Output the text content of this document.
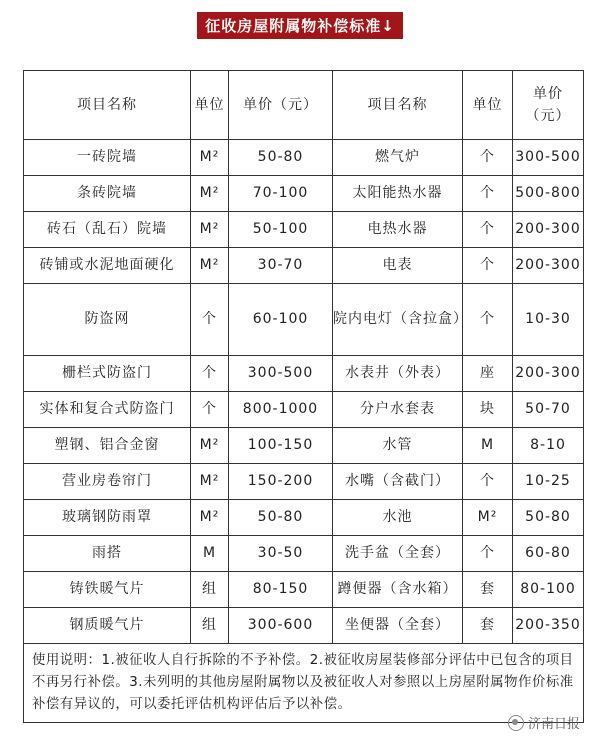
征收房屋附属物补偿标准↓
项目名称	单位	单价（元）	项目名称	单位	单价（元）
一砖院墙	M²	50-80	燃气炉	个	300-500
条砖院墙	M²	70-100	太阳能热水器	个	500-800
砖石（乱石）院墙	M²	50-100	电热水器	个	200-300
砖铺或水泥地面硬化	M²	30-70	电表	个	200-300
防盗网	个	60-100	院内电灯（含拉盒）	个	10-30
栅栏式防盗门	个	300-500	水表井（外表）	座	200-300
实体和复合式防盗门	个	800-1000	分户水套表	块	50-70
塑钢、铝合金窗	M²	100-150	水管	M	8-10
营业房卷帘门	M²	150-200	水嘴（含截门）	个	10-25
玻璃钢防雨罩	M²	50-80	水池	M²	50-80
雨搭	M	30-50	洗手盆（全套）	个	60-80
铸铁暖气片	组	80-150	蹲便器（含水箱）	套	80-100
钢质暖气片	组	300-600	坐便器（全套）	套	200-350
使用说明：1.被征收人自行拆除的不予补偿。2.被征收房屋装修部分评估中已包含的项目不再另行补偿。3.未列明的其他房屋附属物以及被征收人对参照以上房屋附属物作价标准补偿有异议的，可以委托评估机构评估后予以补偿。					
济南日报
